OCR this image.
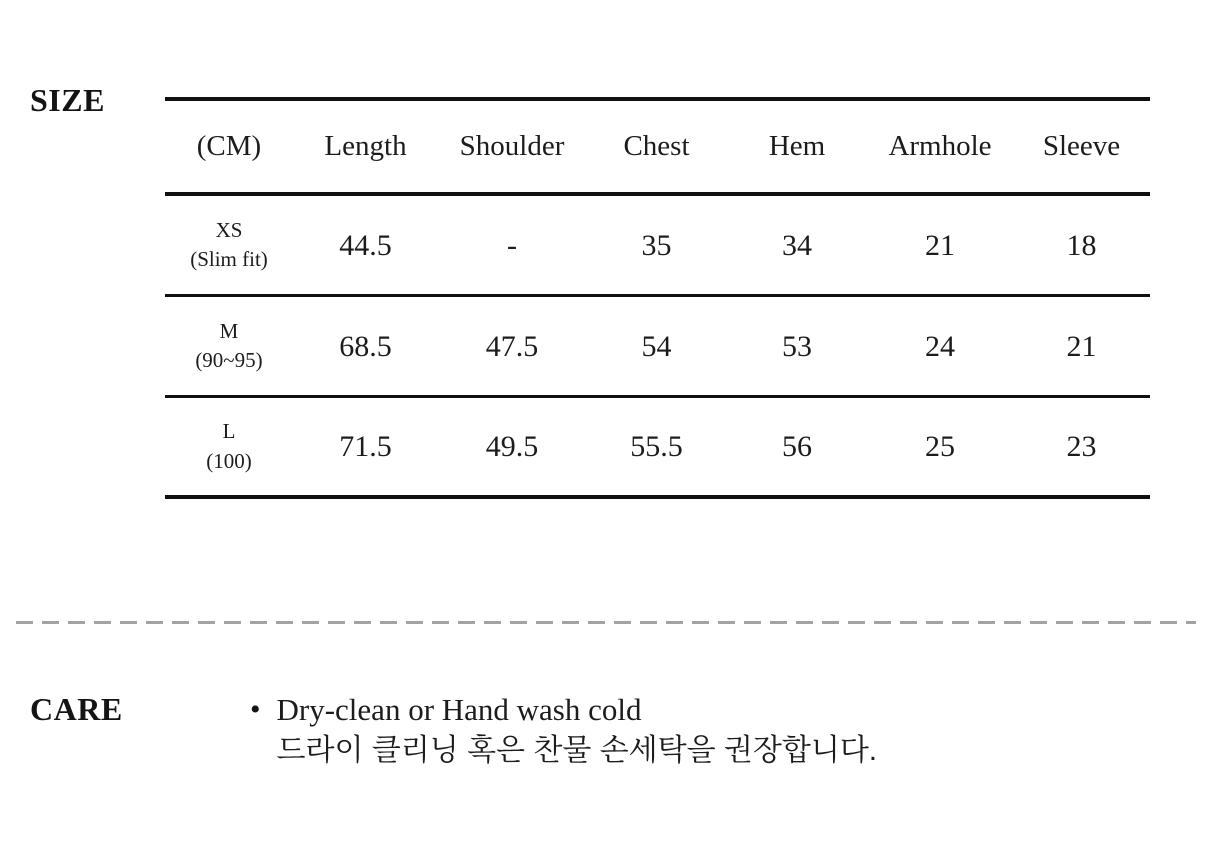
SIZE
(CM)	Length	Shoulder	Chest	Hem	Armhole	Sleeve
XS
(Slim fit)	44.5	-	35	34	21	18
M
(90~95)	68.5	47.5	54	53	24	21
L
(100)	71.5	49.5	55.5	56	25	23
CARE	• Dry-clean or Hand wash cold
드라이 클리닝 혹은 찬물 손세탁을 권장합니다.
